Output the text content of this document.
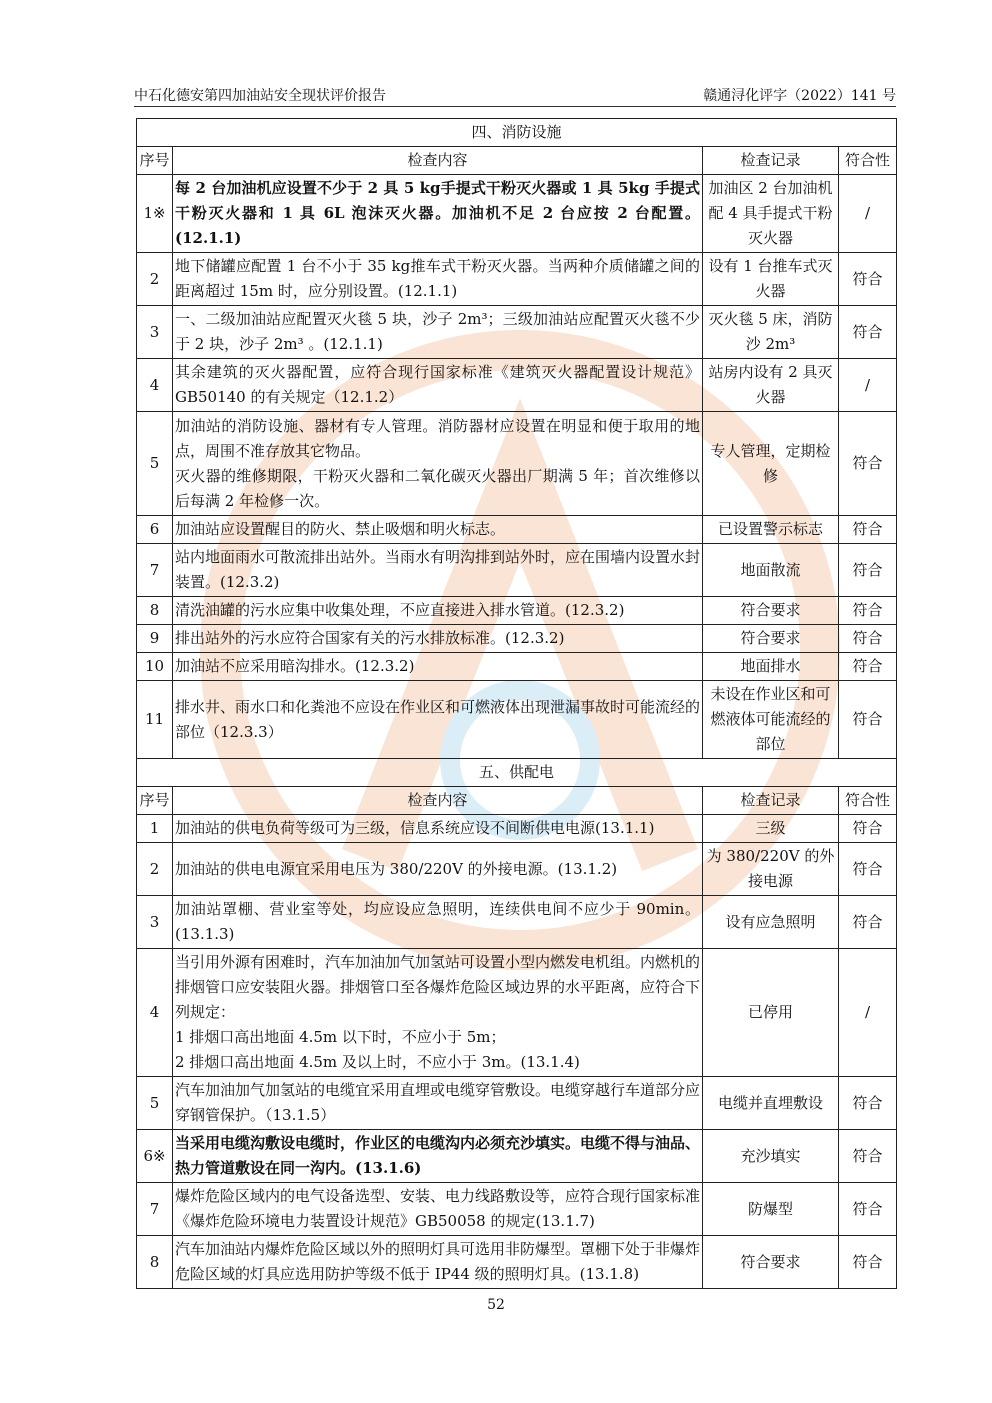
中石化德安第四加油站安全现状评价报告	赣通浔化评字（2022）141 号
四、消防设施			
序号	检查内容	检查记录	符合性
1※	每 2 台加油机应设置不少于 2 具 5 kg手提式干粉灭火器或 1 具 5kg 手提式干粉灭火器和 1 具 6L 泡沫灭火器。加油机不足 2 台应按 2 台配置。(12.1.1)	加油区 2 台加油机配 4 具手提式干粉灭火器	/
2	地下储罐应配置 1 台不小于 35 kg推车式干粉灭火器。当两种介质储罐之间的距离超过 15m 时，应分别设置。(12.1.1)	设有 1 台推车式灭火器	符合
3	一、二级加油站应配置灭火毯 5 块，沙子 2m³；三级加油站应配置灭火毯不少于 2 块，沙子 2m³ 。(12.1.1)	灭火毯 5 床，消防沙 2m³	符合
4	其余建筑的灭火器配置，应符合现行国家标准《建筑灭火器配置设计规范》GB50140 的有关规定（12.1.2）	站房内设有 2 具灭火器	/
5	加油站的消防设施、器材有专人管理。消防器材应设置在明显和便于取用的地点，周围不准存放其它物品。
灭火器的维修期限，干粉灭火器和二氧化碳灭火器出厂期满 5 年；首次维修以后每满 2 年检修一次。	专人管理，定期检修	符合
6	加油站应设置醒目的防火、禁止吸烟和明火标志。	已设置警示标志	符合
7	站内地面雨水可散流排出站外。当雨水有明沟排到站外时，应在围墙内设置水封装置。(12.3.2)	地面散流	符合
8	清洗油罐的污水应集中收集处理，不应直接进入排水管道。(12.3.2)	符合要求	符合
9	排出站外的污水应符合国家有关的污水排放标准。(12.3.2)	符合要求	符合
10	加油站不应采用暗沟排水。(12.3.2)	地面排水	符合
11	排水井、雨水口和化粪池不应设在作业区和可燃液体出现泄漏事故时可能流经的部位（12.3.3）	未设在作业区和可燃液体可能流经的部位	符合
五、供配电			
序号	检查内容	检查记录	符合性
1	加油站的供电负荷等级可为三级，信息系统应设不间断供电电源(13.1.1)	三级	符合
2	加油站的供电电源宜采用电压为 380/220V 的外接电源。(13.1.2)	为 380/220V 的外接电源	符合
3	加油站罩棚、营业室等处，均应设应急照明，连续供电间不应少于 90min。(13.1.3)	设有应急照明	符合
4	当引用外源有困难时，汽车加油加气加氢站可设置小型内燃发电机组。内燃机的排烟管口应安装阻火器。排烟管口至各爆炸危险区域边界的水平距离，应符合下列规定：
1 排烟口高出地面 4.5m 以下时，不应小于 5m；
2 排烟口高出地面 4.5m 及以上时，不应小于 3m。(13.1.4)	已停用	/
5	汽车加油加气加氢站的电缆宜采用直埋或电缆穿管敷设。电缆穿越行车道部分应穿钢管保护。（13.1.5）	电缆并直埋敷设	符合
6※	当采用电缆沟敷设电缆时，作业区的电缆沟内必须充沙填实。电缆不得与油品、热力管道敷设在同一沟内。(13.1.6)	充沙填实	符合
7	爆炸危险区域内的电气设备选型、安装、电力线路敷设等，应符合现行国家标准《爆炸危险环境电力装置设计规范》GB50058 的规定(13.1.7)	防爆型	符合
8	汽车加油站内爆炸危险区域以外的照明灯具可选用非防爆型。罩棚下处于非爆炸危险区域的灯具应选用防护等级不低于 IP44 级的照明灯具。(13.1.8)	符合要求	符合
52
